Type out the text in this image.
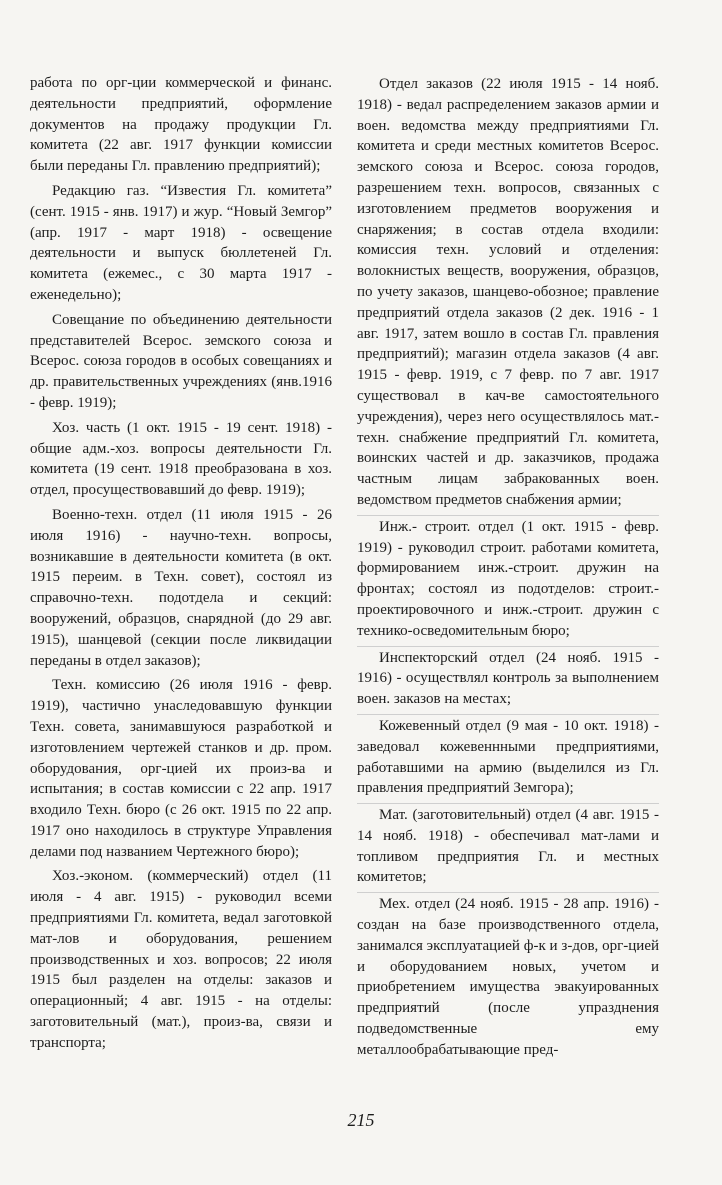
работа по орг-ции коммерческой и финанс. деятельности предприятий, оформление документов на продажу продукции Гл. комитета (22 авг. 1917 функции комиссии были переданы Гл. правлению предприятий);

Редакцию газ. “Известия Гл. комитета” (сент. 1915 - янв. 1917) и жур. “Новый Земгор” (апр. 1917 - март 1918) - освещение деятельности и выпуск бюллетеней Гл. комитета (ежемес., с 30 марта 1917 - еженедельно);

Совещание по объединению деятельности представителей Всерос. земского союза и Всерос. союза городов в особых совещаниях и др. правительственных учреждениях (янв.1916 - февр. 1919);

Хоз. часть (1 окт. 1915 - 19 сент. 1918) - общие адм.-хоз. вопросы деятельности Гл. комитета (19 сент. 1918 преобразована в хоз. отдел, просуществовавший до февр. 1919);

Военно-техн. отдел (11 июля 1915 - 26 июля 1916) - научно-техн. вопросы, возникавшие в деятельности комитета (в окт. 1915 переим. в Техн. совет), состоял из справочно-техн. подотдела и секций: вооружений, образцов, снарядной (до 29 авг. 1915), шанцевой (секции после ликвидации переданы в отдел заказов);

Техн. комиссию (26 июля 1916 - февр. 1919), частично унаследовавшую функции Техн. совета, занимавшуюся разработкой и изготовлением чертежей станков и др. пром. оборудования, орг-цией их произ-ва и испытания; в состав комиссии с 22 апр. 1917 входило Техн. бюро (с 26 окт. 1915 по 22 апр. 1917 оно находилось в структуре Управления делами под названием Чертежного бюро);

Хоз.-эконом. (коммерческий) отдел (11 июля - 4 авг. 1915) - руководил всеми предприятиями Гл. комитета, ведал заготовкой мат-лов и оборудования, решением производственных и хоз. вопросов; 22 июля 1915 был разделен на отделы: заказов и операционный; 4 авг. 1915 - на отделы: заготовительный (мат.), произ-ва, связи и транспорта;

Отдел заказов (22 июля 1915 - 14 нояб. 1918) - ведал распределением заказов армии и воен. ведомства между предприятиями Гл. комитета и среди местных комитетов Всерос. земского союза и Всерос. союза городов, разрешением техн. вопросов, связанных с изготовлением предметов вооружения и снаряжения; в состав отдела входили: комиссия техн. условий и отделения: волокнистых веществ, вооружения, образцов, по учету заказов, шанцево-обозное; правление предприятий отдела заказов (2 дек. 1916 - 1 авг. 1917, затем вошло в состав Гл. правления предприятий); магазин отдела заказов (4 авг. 1915 - февр. 1919, с 7 февр. по 7 авг. 1917 существовал в кач-ве самостоятельного учреждения), через него осуществлялось мат.-техн. снабжение предприятий Гл. комитета, воинских частей и др. заказчиков, продажа частным лицам забракованных воен. ведомством предметов снабжения армии;

Инж.- строит. отдел (1 окт. 1915 - февр. 1919) - руководил строит. работами комитета, формированием инж.-строит. дружин на фронтах; состоял из подотделов: строит.-проектировочного и инж.-строит. дружин с технико-осведомительным бюро;

Инспекторский отдел (24 нояб. 1915 - 1916) - осуществлял контроль за выполнением воен. заказов на местах;

Кожевенный отдел (9 мая - 10 окт. 1918) - заведовал кожевеннными предприятиями, работавшими на армию (выделился из Гл. правления предприятий Земгора);

Мат. (заготовительный) отдел (4 авг. 1915 - 14 нояб. 1918) - обеспечивал мат-лами и топливом предприятия Гл. и местных комитетов;

Мех. отдел (24 нояб. 1915 - 28 апр. 1916) - создан на базе производственного отдела, занимался эксплуатацией ф-к и з-дов, орг-цией и оборудованием новых, учетом и приобретением имущества эвакуированных предприятий (после упразднения подведомственные ему металлообрабатывающие пред-

215
